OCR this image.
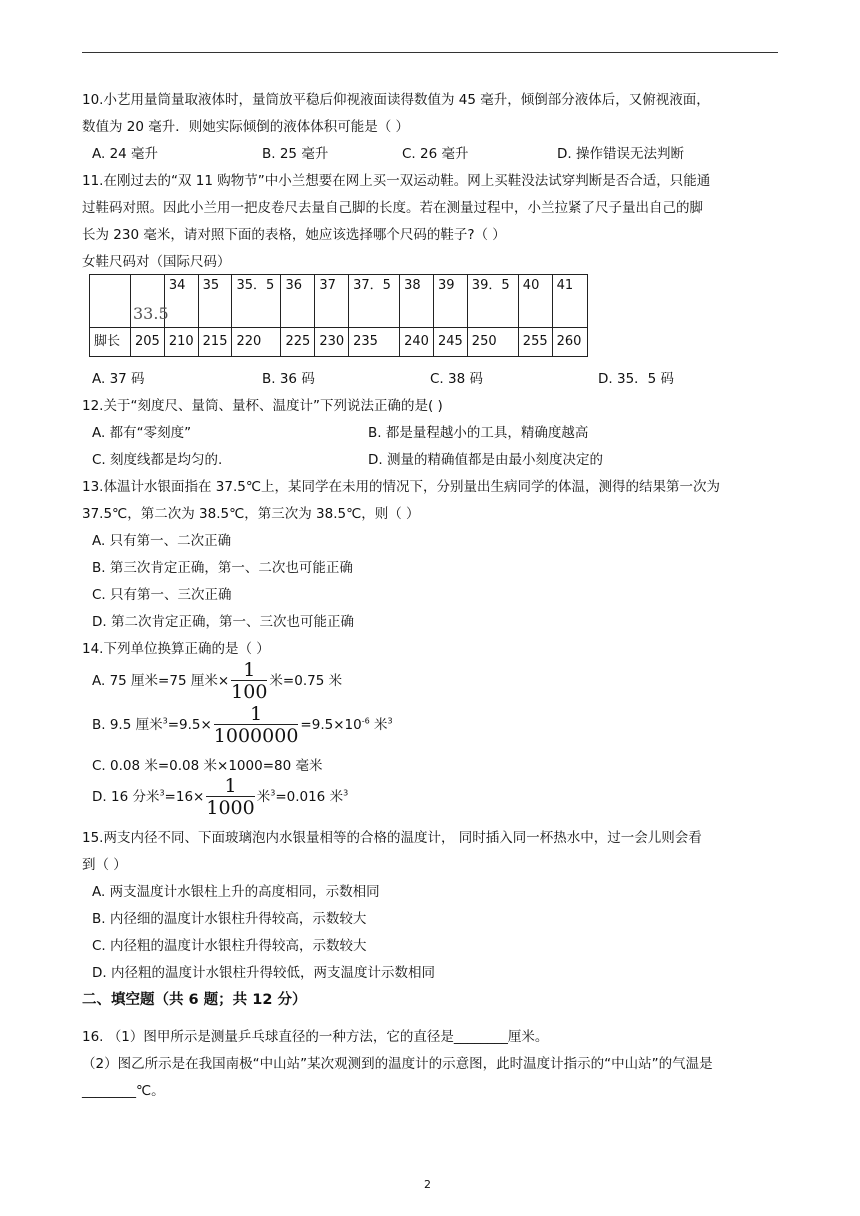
10.小艺用量筒量取液体时，量筒放平稳后仰视液面读得数值为 45 毫升，倾倒部分液体后，又俯视液面，
数值为 20 毫升．则她实际倾倒的液体体积可能是（ ）
A. 24 毫升	B. 25 毫升	C. 26 毫升	D. 操作错误无法判断
11.在刚过去的“双 11 购物节”中小兰想要在网上买一双运动鞋。网上买鞋没法试穿判断是否合适，只能通
过鞋码对照。因此小兰用一把皮卷尺去量自己脚的长度。若在测量过程中，小兰拉紧了尺子量出自己的脚
长为 230 毫米，请对照下面的表格，她应该选择哪个尺码的鞋子?（ ）
女鞋尺码对（国际尺码）

	33.5	34	35	35．5	36	37	37．5	38	39	39．5	40	41
脚长	205	210	215	220	225	230	235	240	245	250	255	260
A. 37 码	B. 36 码	C. 38 码	D. 35．5 码
12.关于“刻度尺、量筒、量杯、温度计”下列说法正确的是( )
A. 都有“零刻度”	B. 都是量程越小的工具，精确度越高
C. 刻度线都是均匀的.	D. 测量的精确值都是由最小刻度决定的
13.体温计水银面指在 37.5℃上，某同学在未用的情况下，分别量出生病同学的体温，测得的结果第一次为
37.5℃，第二次为 38.5℃，第三次为 38.5℃，则（ ）
A. 只有第一、二次正确
B. 第三次肯定正确，第一、二次也可能正确
C. 只有第一、三次正确
D. 第二次肯定正确，第一、三次也可能正确
14.下列单位换算正确的是（ ）
A. 75 厘米=75 厘米× $\frac{1}{100}$ 米=0.75 米
B. 9.5 厘米$^3=9.5\times \frac{1}{1000000} =9.5\times 10^{-6}$ 米$^3$
C. 0.08 米=0.08 米×1000=80 毫米
D. 16 分米$^3=16\times \frac{1}{1000}$ 米$^3$=0.016 米$^3$
15.两支内径不同、下面玻璃泡内水银量相等的合格的温度计， 同时插入同一杯热水中，过一会儿则会看
到（ ）
A. 两支温度计水银柱上升的高度相同，示数相同
B. 内径细的温度计水银柱升得较高，示数较大
C. 内径粗的温度计水银柱升得较高，示数较大
D. 内径粗的温度计水银柱升得较低，两支温度计示数相同
二、填空题（共 6 题；共 12 分）
16. （1）图甲所示是测量乒乓球直径的一种方法，它的直径是________厘米。
（2）图乙所示是在我国南极“中山站”某次观测到的温度计的示意图，此时温度计指示的“中山站”的气温是
________℃。
2
